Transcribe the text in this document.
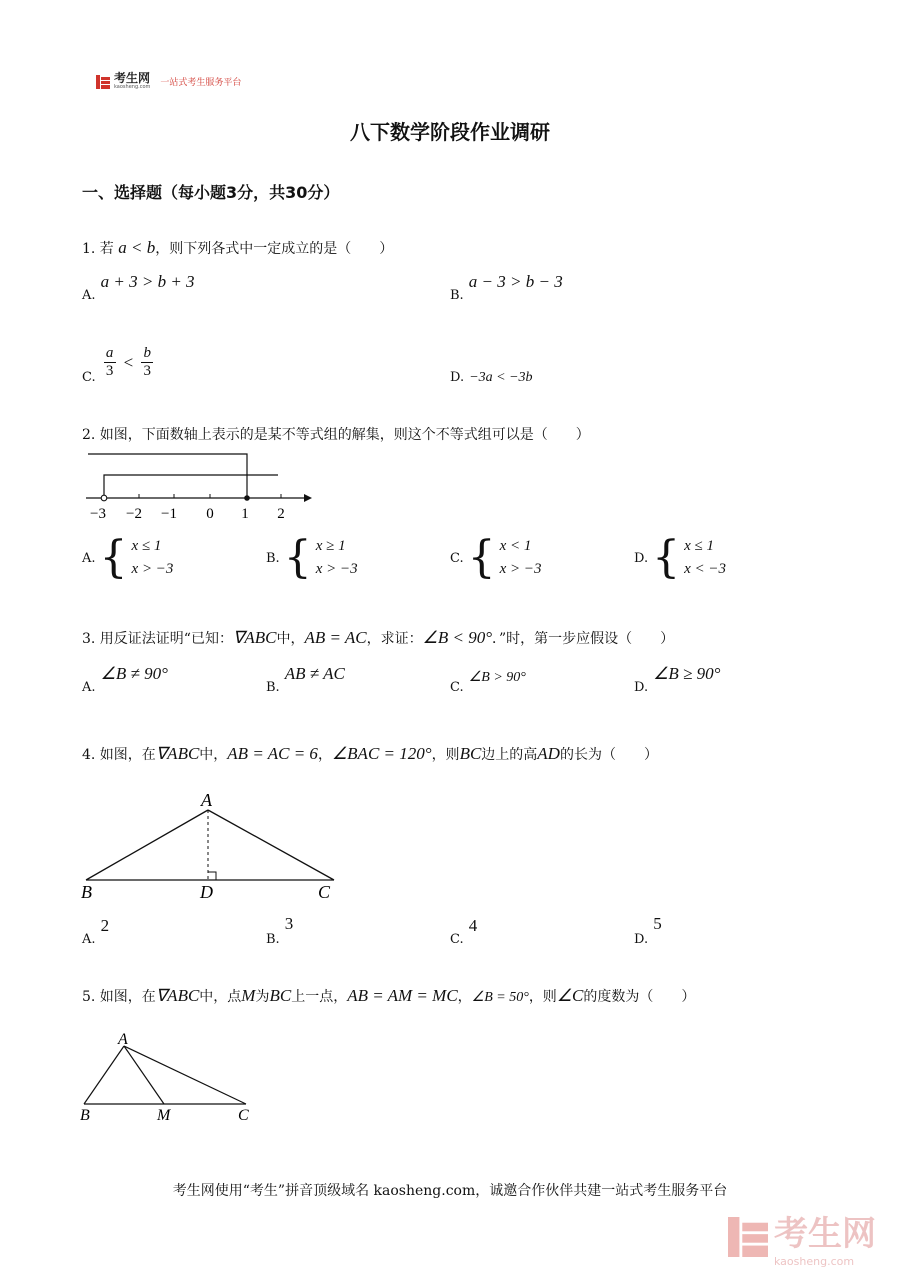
考生网
kaosheng.com 一站式考生服务平台
八下数学阶段作业调研
一、选择题（每小题3分，共30分）
1. 若 a < b，则下列各式中一定成立的是（　　）
A. a + 3 > b + 3
B. a − 3 > b − 3
C.
a
3 < b
3	D. −3a < −3b
2. 如图，下面数轴上表示的是某不等式组的解集，则这个不等式组可以是（　　）
−3 −2 −1 0 1 2
A. { x ≤ 1
x > −3
B. { x ≥ 1
x > −3
C. { x < 1
x > −3
D. { x ≤ 1
x < −3
3. 用反证法证明“已知：∇ABC中，AB = AC，求证：∠B < 90°．”时，第一步应假设（　　）
A. ∠B ≠ 90°
B. AB ≠ AC
C. ∠B > 90°
D. ∠B ≥ 90°
4. 如图，在∇ABC中，AB = AC = 6，∠BAC = 120°，则BC边上的高AD的长为（　　）
A
B	D	C
A. 2
B. 3
C. 4
D. 5
5. 如图，在∇ABC中，点M为BC上一点，AB = AM = MC，∠B = 50°，则∠C的度数为（　　）
A
B	M	C
考生网使用“考生”拼音顶级域名 kaosheng.com，诚邀合作伙伴共建一站式考生服务平台
考生网
kaosheng.com
